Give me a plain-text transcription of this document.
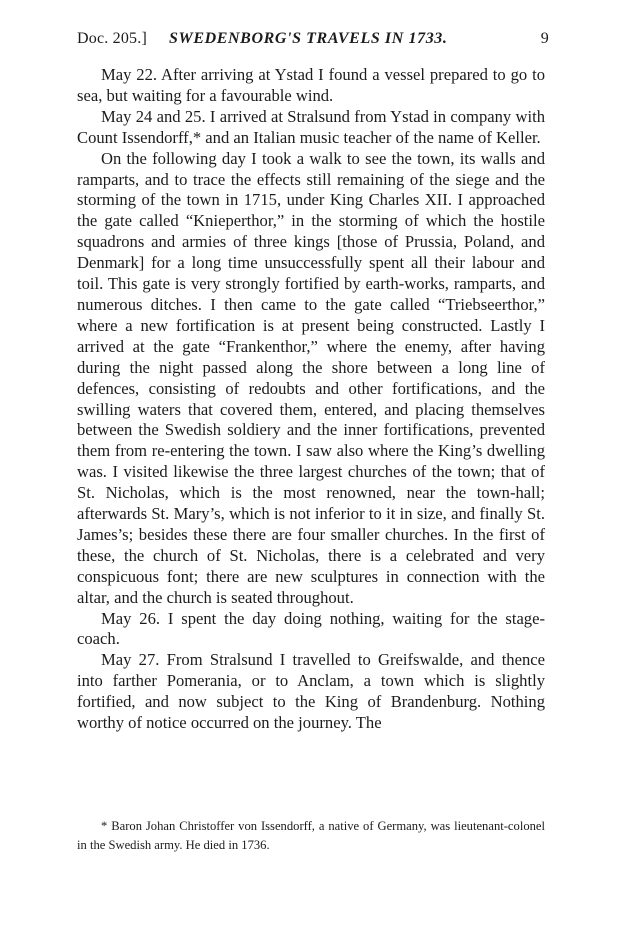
Doc. 205.] SWEDENBORG'S TRAVELS IN 1733.	9

May 22. After arriving at Ystad I found a vessel prepared to go to sea, but waiting for a favourable wind.

May 24 and 25. I arrived at Stralsund from Ystad in company with Count Issendorff,* and an Italian music teacher of the name of Keller.

On the following day I took a walk to see the town, its walls and ramparts, and to trace the effects still remaining of the siege and the storming of the town in 1715, under King Charles XII. I approached the gate called “Knieperthor,” in the storming of which the hostile squadrons and armies of three kings [those of Prussia, Poland, and Denmark] for a long time unsuccessfully spent all their labour and toil. This gate is very strongly fortified by earth-works, ramparts, and numerous ditches. I then came to the gate called “Triebseerthor,” where a new fortification is at present being constructed. Lastly I arrived at the gate “Frankenthor,” where the enemy, after having during the night passed along the shore between a long line of defences, consisting of redoubts and other fortifications, and the swilling waters that covered them, entered, and placing themselves between the Swedish soldiery and the inner fortifications, prevented them from re-entering the town. I saw also where the King’s dwelling was. I visited likewise the three largest churches of the town; that of St. Nicholas, which is the most renowned, near the town-hall; afterwards St. Mary’s, which is not inferior to it in size, and finally St. James’s; besides these there are four smaller churches. In the first of these, the church of St. Nicholas, there is a celebrated and very conspicuous font; there are new sculptures in connection with the altar, and the church is seated throughout.

May 26. I spent the day doing nothing, waiting for the stage-coach.

May 27. From Stralsund I travelled to Greifswalde, and thence into farther Pomerania, or to Anclam, a town which is slightly fortified, and now subject to the King of Brandenburg. Nothing worthy of notice occurred on the journey. The

* Baron Johan Christoffer von Issendorff, a native of Germany, was lieutenant-colonel in the Swedish army. He died in 1736.
